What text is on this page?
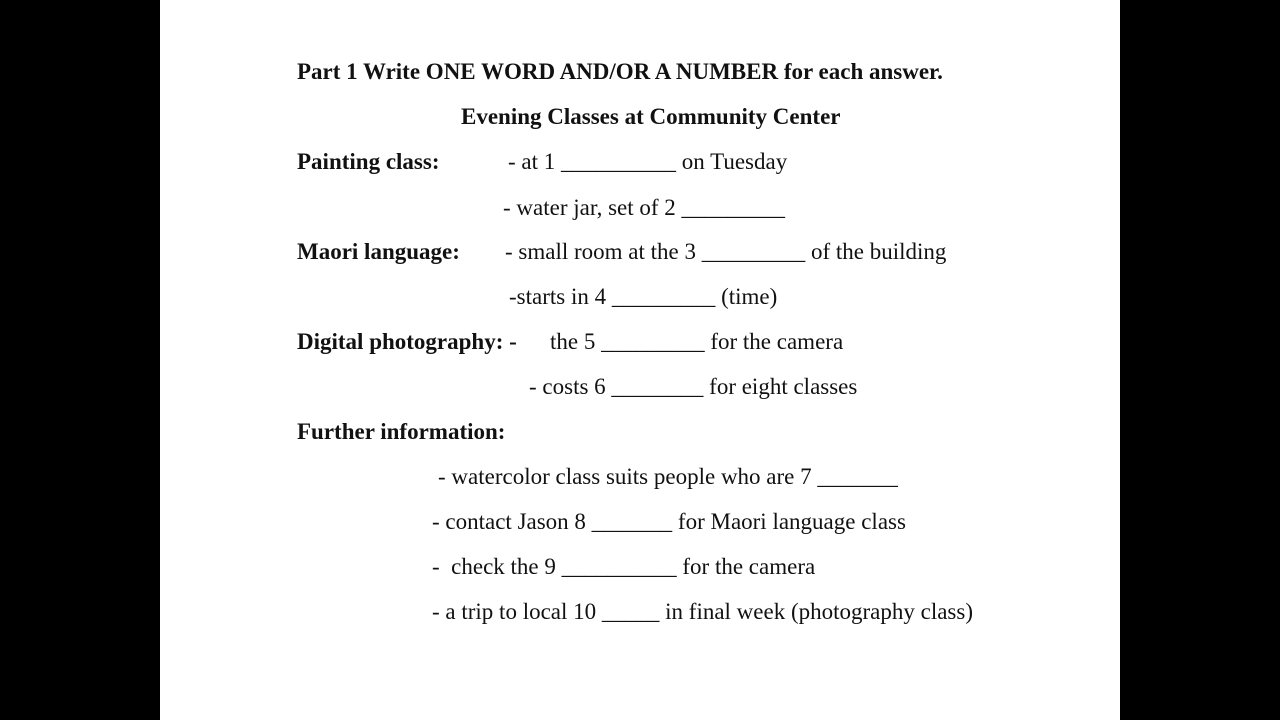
Part 1 Write ONE WORD AND/OR A NUMBER for each answer.
Evening Classes at Community Center
Painting class:	- at 1 __________ on Tuesday
- water jar, set of 2 _________
Maori language: - small room at the 3 _________ of the building
-starts in 4 _________ (time)
Digital photography: - the 5 _________ for the camera
- costs 6 ________ for eight classes
Further information:
- watercolor class suits people who are 7 _______
- contact Jason 8 _______ for Maori language class
-  check the 9 __________ for the camera
- a trip to local 10 _____ in final week (photography class)
